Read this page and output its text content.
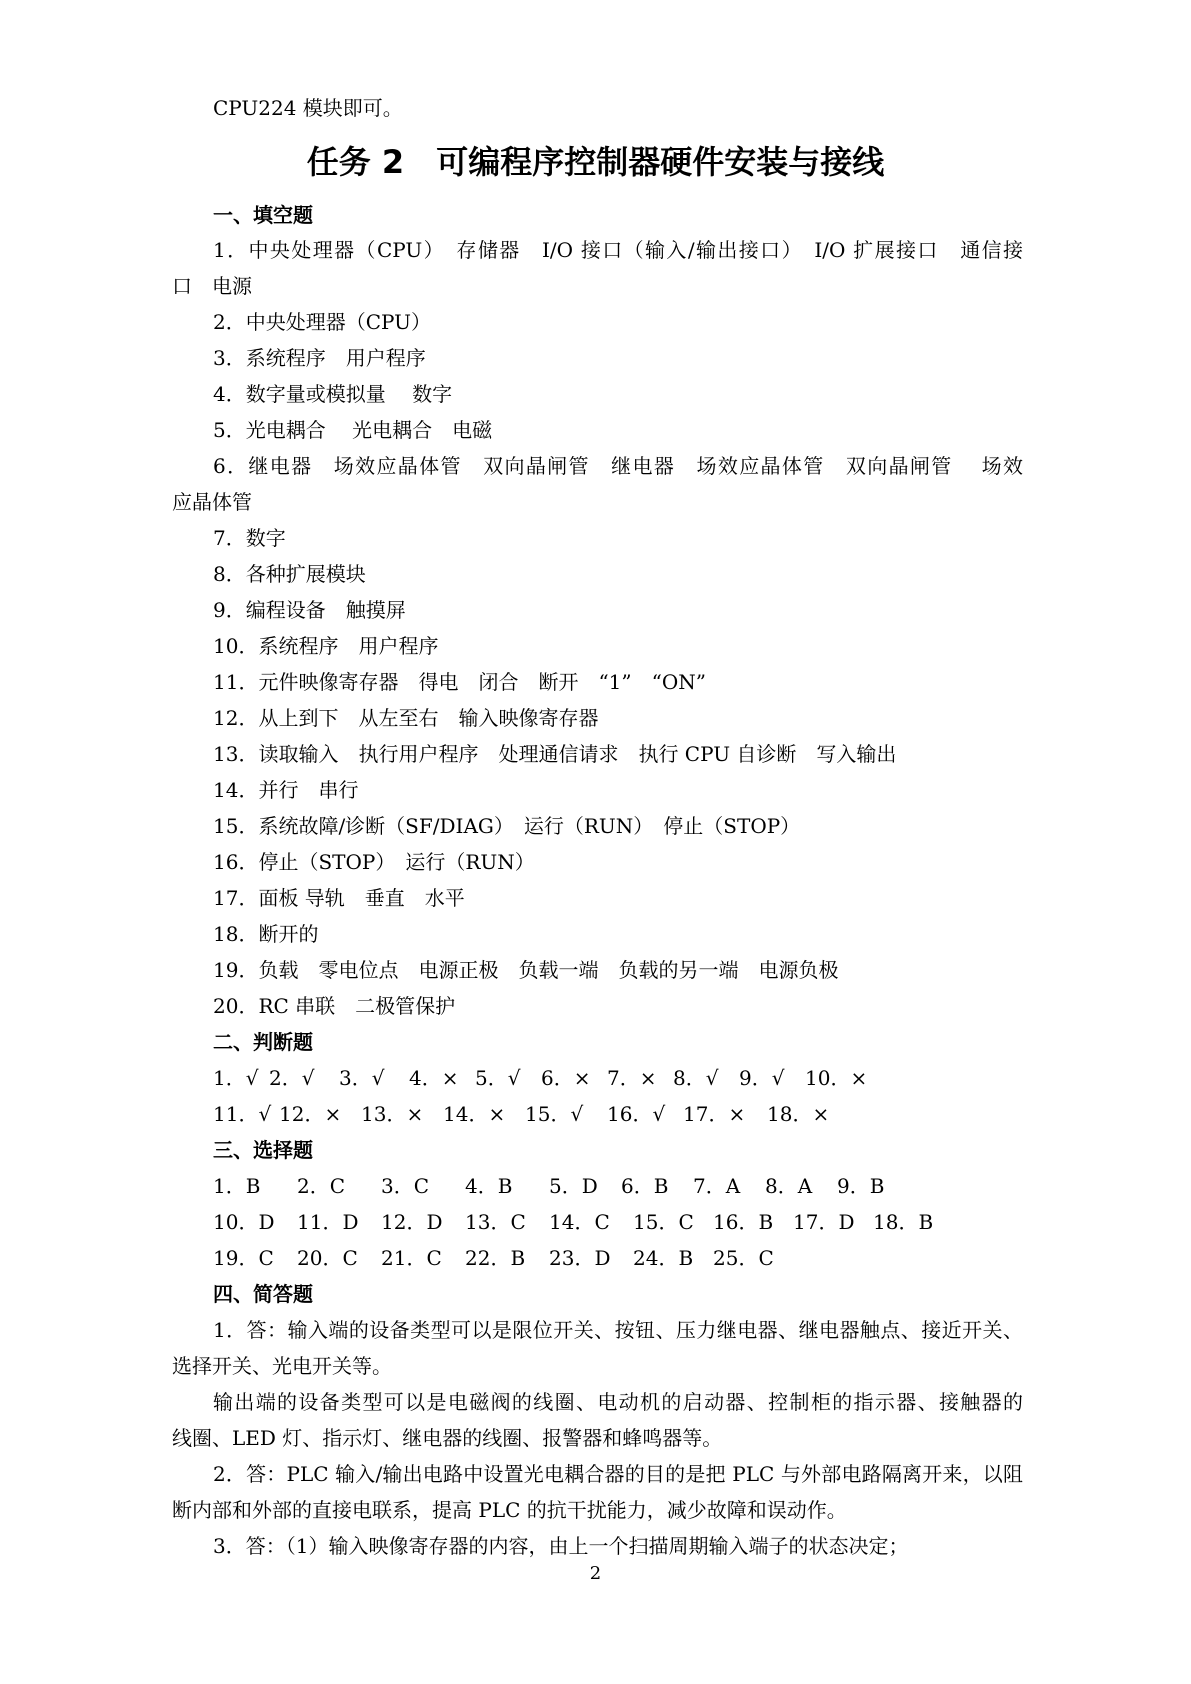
CPU224 模块即可。
任务 2　可编程序控制器硬件安装与接线
一、填空题
1．中央处理器（CPU）　存储器　I/O 接口（输入/输出接口）　I/O 扩展接口　通信接
口　电源
2．中央处理器（CPU）
3．系统程序　用户程序
4．数字量或模拟量　 数字
5．光电耦合　 光电耦合　电磁
6．继电器　场效应晶体管　双向晶闸管　继电器　场效应晶体管　双向晶闸管　 场效
应晶体管
7．数字
8．各种扩展模块
9．编程设备　触摸屏
10．系统程序　用户程序
11．元件映像寄存器　得电　闭合　断开　“1”　“ON”
12．从上到下　从左至右　输入映像寄存器
13．读取输入　执行用户程序　处理通信请求　执行 CPU 自诊断　写入输出
14．并行　串行
15．系统故障/诊断（SF/DIAG）　运行（RUN）　停止（STOP）
16．停止（STOP）　运行（RUN）
17．面板 导轨　垂直　水平
18．断开的
19．负载　零电位点　电源正极　负载一端　负载的另一端　电源负极
20．RC 串联　二极管保护
二、判断题
1．√ 2．√ 3．√ 4．× 5．√ 6．× 7．× 8．√ 9．√ 10．×
11．√ 12．× 13．× 14．× 15．√ 16．√ 17．× 18．×
三、选择题
1．B 2．C 3．C 4．B 5．D 6．B 7．A 8．A 9．B
10．D 11．D 12．D 13．C 14．C 15．C 16．B 17．D 18．B
19．C 20．C 21．C 22．B 23．D 24．B 25．C
四、简答题
1．答：输入端的设备类型可以是限位开关、按钮、压力继电器、继电器触点、接近开关、
选择开关、光电开关等。
输出端的设备类型可以是电磁阀的线圈、电动机的启动器、控制柜的指示器、接触器的
线圈、LED 灯、指示灯、继电器的线圈、报警器和蜂鸣器等。
2．答：PLC 输入/输出电路中设置光电耦合器的目的是把 PLC 与外部电路隔离开来，以阻
断内部和外部的直接电联系，提高 PLC 的抗干扰能力，减少故障和误动作。
3．答：（1）输入映像寄存器的内容，由上一个扫描周期输入端子的状态决定；
2
